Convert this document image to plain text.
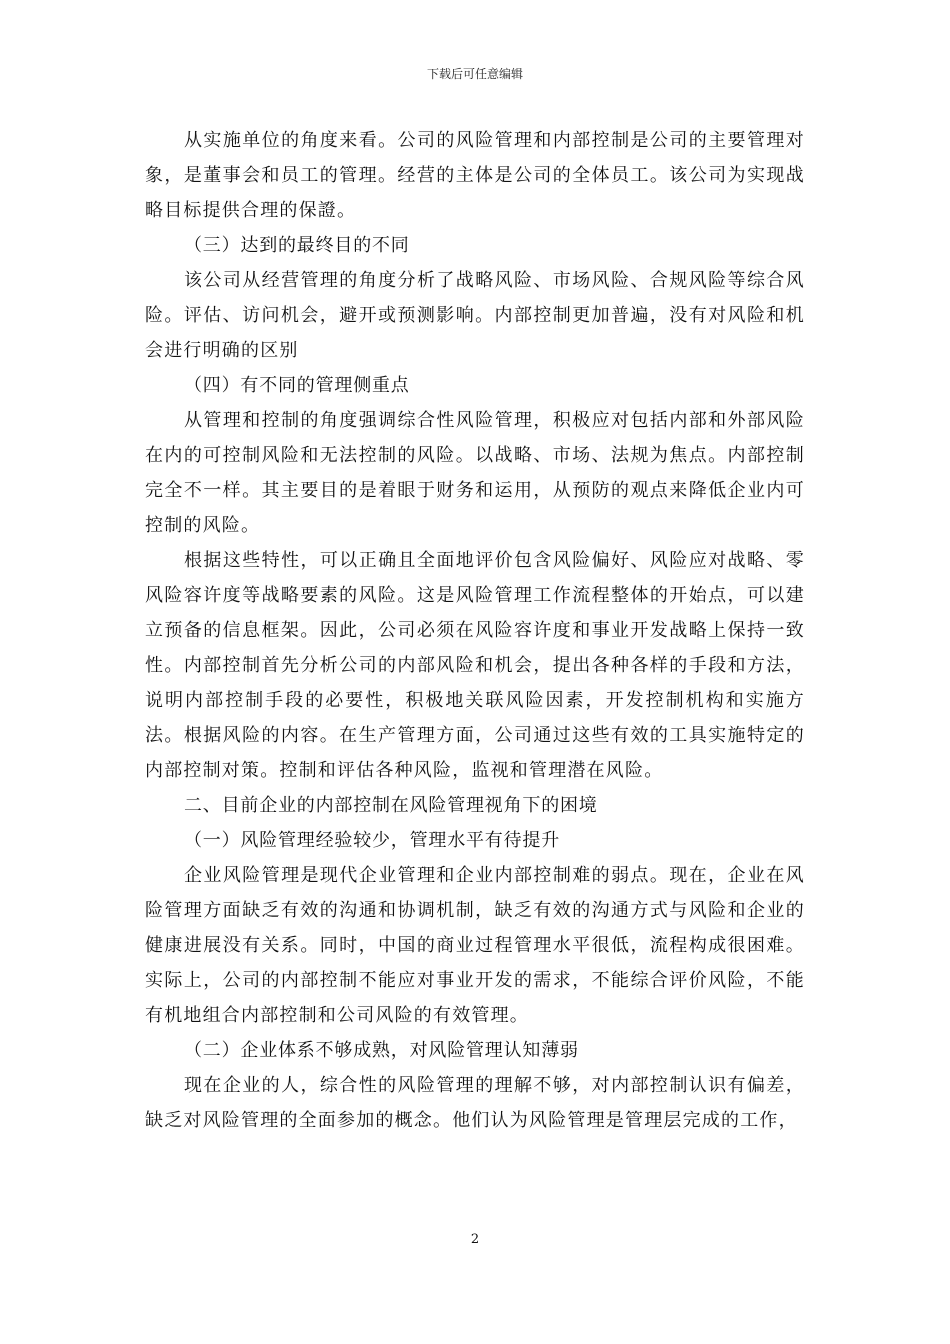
下载后可任意编辑

从实施单位的角度来看。公司的风险管理和内部控制是公司的主要管理对象，是董事会和员工的管理。经营的主体是公司的全体员工。该公司为实现战略目标提供合理的保證。

（三）达到的最终目的不同

该公司从经营管理的角度分析了战略风险、市场风险、合规风险等综合风险。评估、访问机会，避开或预测影响。内部控制更加普遍，没有对风险和机会进行明确的区别

（四）有不同的管理侧重点

从管理和控制的角度强调综合性风险管理，积极应对包括内部和外部风险在内的可控制风险和无法控制的风险。以战略、市场、法规为焦点。内部控制完全不一样。其主要目的是着眼于财务和运用，从预防的观点来降低企业内可控制的风险。

根据这些特性，可以正确且全面地评价包含风险偏好、风险应对战略、零风险容许度等战略要素的风险。这是风险管理工作流程整体的开始点，可以建立预备的信息框架。因此，公司必须在风险容许度和事业开发战略上保持一致性。内部控制首先分析公司的内部风险和机会，提出各种各样的手段和方法，说明内部控制手段的必要性，积极地关联风险因素，开发控制机构和实施方法。根据风险的内容。在生产管理方面，公司通过这些有效的工具实施特定的内部控制对策。控制和评估各种风险，监视和管理潜在风险。

二、目前企业的内部控制在风险管理视角下的困境

（一）风险管理经验较少，管理水平有待提升

企业风险管理是现代企业管理和企业内部控制难的弱点。现在，企业在风险管理方面缺乏有效的沟通和协调机制，缺乏有效的沟通方式与风险和企业的健康进展没有关系。同时，中国的商业过程管理水平很低，流程构成很困难。实际上，公司的内部控制不能应对事业开发的需求，不能综合评价风险，不能有机地组合内部控制和公司风险的有效管理。

（二）企业体系不够成熟，对风险管理认知薄弱

现在企业的人，综合性的风险管理的理解不够，对内部控制认识有偏差，缺乏对风险管理的全面参加的概念。他们认为风险管理是管理层完成的工作，

2
